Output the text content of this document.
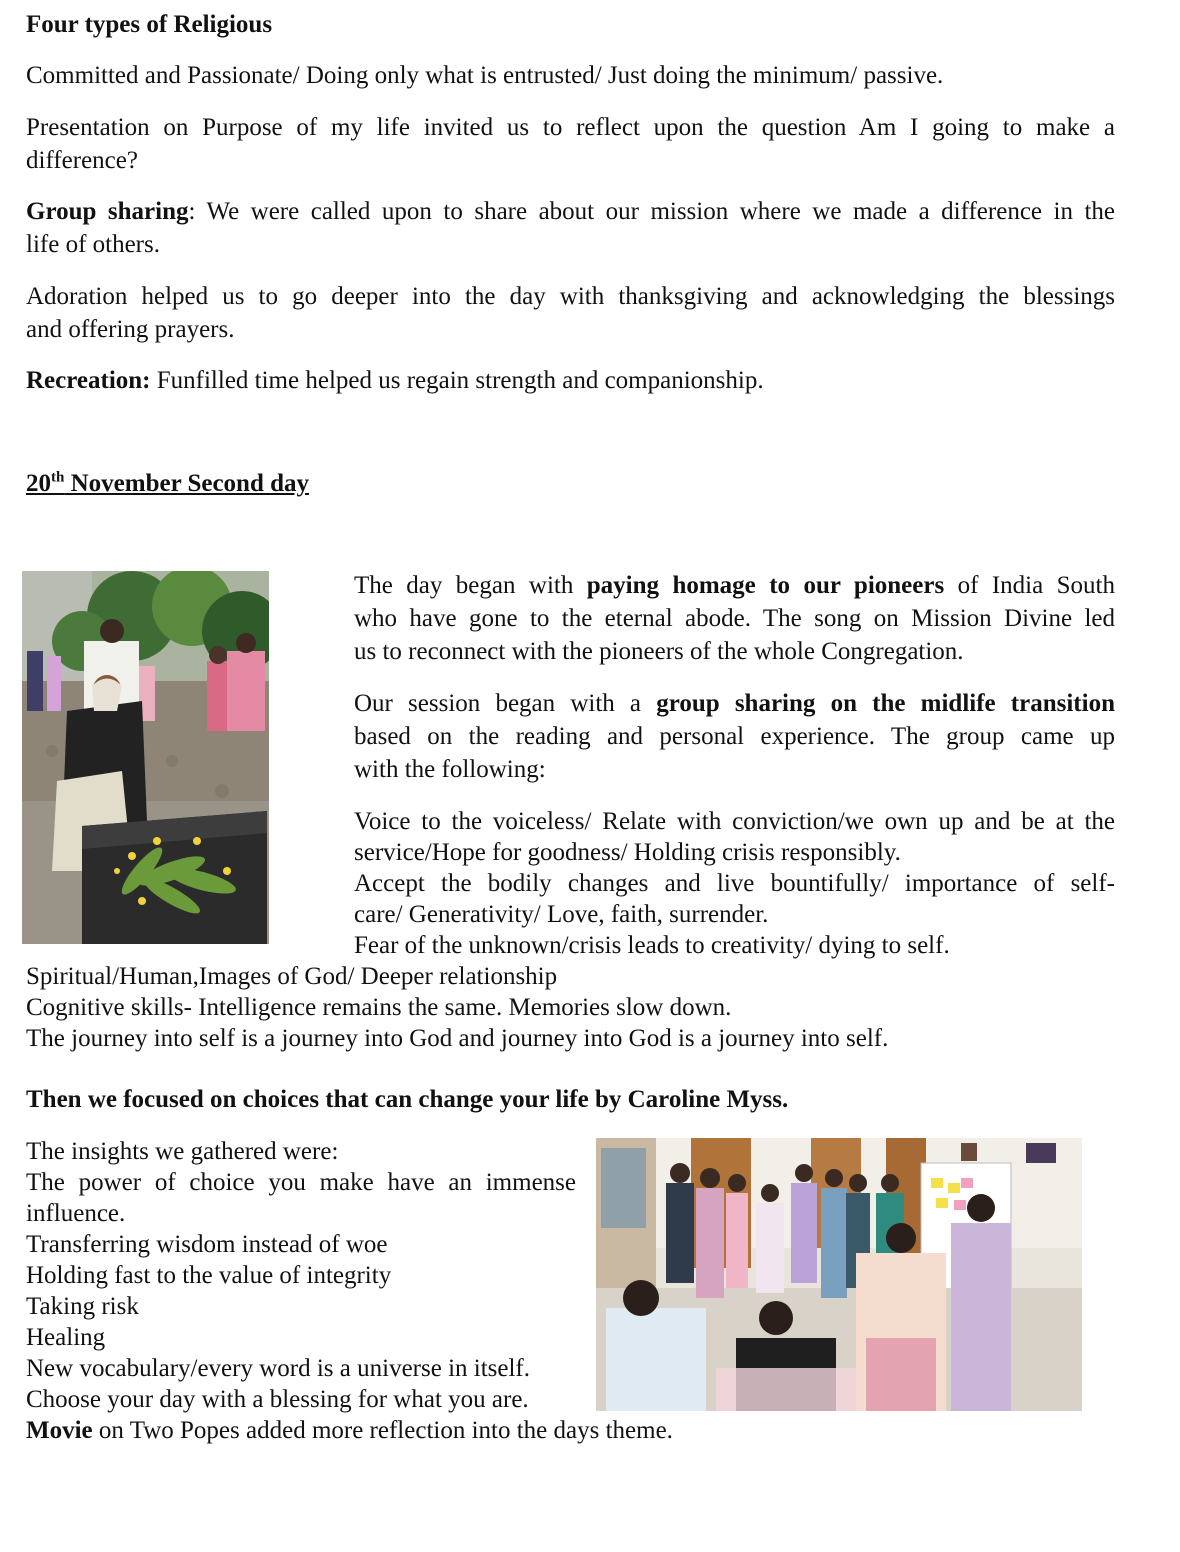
Four types of Religious
Committed and Passionate/ Doing only what is entrusted/ Just doing the minimum/ passive.
Presentation on Purpose of my life invited us to reflect upon the question Am I going to make a
difference?
Group sharing: We were called upon to share about our mission where we made a difference in the
life of others.
Adoration helped us to go deeper into the day with thanksgiving and acknowledging the blessings
and offering prayers.
Recreation: Funfilled time helped us regain strength and companionship.
20th November Second day
The day began with paying homage to our pioneers of India South
who have gone to the eternal abode. The song on Mission Divine led
us to reconnect with the pioneers of the whole Congregation.
Our session began with a group sharing on the midlife transition
based on the reading and personal experience. The group came up
with the following:
Voice to the voiceless/ Relate with conviction/we own up and be at the
service/Hope for goodness/ Holding crisis responsibly.
Accept the bodily changes and live bountifully/ importance of self-
care/ Generativity/ Love, faith, surrender.
Fear of the unknown/crisis leads to creativity/ dying to self.
Spiritual/Human,Images of God/ Deeper relationship
Cognitive skills- Intelligence remains the same. Memories slow down.
The journey into self is a journey into God and journey into God is a journey into self.
Then we focused on choices that can change your life by Caroline Myss.
The insights we gathered were:
The power of choice you make have an immense
influence.
Transferring wisdom instead of woe
Holding fast to the value of integrity
Taking risk
Healing
New vocabulary/every word is a universe in itself.
Choose your day with a blessing for what you are.
Movie on Two Popes added more reflection into the days theme.
